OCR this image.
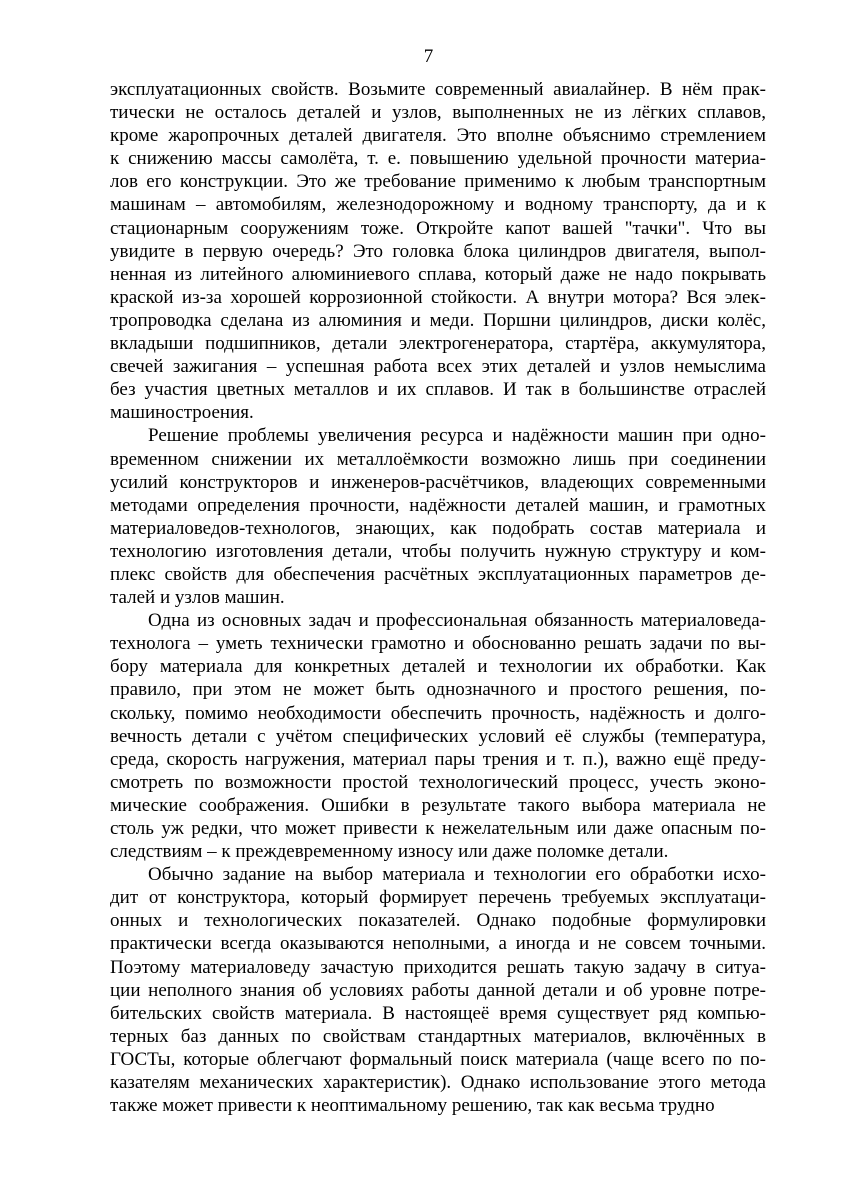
7
эксплуатационных свойств. Возьмите современный авиалайнер. В нём прак-
тически не осталось деталей и узлов, выполненных не из лёгких сплавов,
кроме жаропрочных деталей двигателя. Это вполне объяснимо стремлением
к снижению массы самолёта, т. е. повышению удельной прочности материа-
лов его конструкции. Это же требование применимо к любым транспортным
машинам – автомобилям, железнодорожному и водному транспорту, да и к
стационарным сооружениям тоже. Откройте капот вашей "тачки". Что вы
увидите в первую очередь? Это головка блока цилиндров двигателя, выпол-
ненная из литейного алюминиевого сплава, который даже не надо покрывать
краской из-за хорошей коррозионной стойкости. А внутри мотора? Вся элек-
тропроводка сделана из алюминия и меди. Поршни цилиндров, диски колёс,
вкладыши подшипников, детали электрогенератора, стартёра, аккумулятора,
свечей зажигания – успешная работа всех этих деталей и узлов немыслима
без участия цветных металлов и их сплавов. И так в большинстве отраслей
машиностроения.
Решение проблемы увеличения ресурса и надёжности машин при одно-
временном снижении их металлоёмкости возможно лишь при соединении
усилий конструкторов и инженеров-расчётчиков, владеющих современными
методами определения прочности, надёжности деталей машин, и грамотных
материаловедов-технологов, знающих, как подобрать состав материала и
технологию изготовления детали, чтобы получить нужную структуру и ком-
плекс свойств для обеспечения расчётных эксплуатационных параметров де-
талей и узлов машин.
Одна из основных задач и профессиональная обязанность материаловеда-
технолога – уметь технически грамотно и обоснованно решать задачи по вы-
бору материала для конкретных деталей и технологии их обработки. Как
правило, при этом не может быть однозначного и простого решения, по-
скольку, помимо необходимости обеспечить прочность, надёжность и долго-
вечность детали с учётом специфических условий её службы (температура,
среда, скорость нагружения, материал пары трения и т. п.), важно ещё преду-
смотреть по возможности простой технологический процесс, учесть эконо-
мические соображения. Ошибки в результате такого выбора материала не
столь уж редки, что может привести к нежелательным или даже опасным по-
следствиям – к преждевременному износу или даже поломке детали.
Обычно задание на выбор материала и технологии его обработки исхо-
дит от конструктора, который формирует перечень требуемых эксплуатаци-
онных и технологических показателей. Однако подобные формулировки
практически всегда оказываются неполными, а иногда и не совсем точными.
Поэтому материаловеду зачастую приходится решать такую задачу в ситуа-
ции неполного знания об условиях работы данной детали и об уровне потре-
бительских свойств материала. В настоящеё время существует ряд компью-
терных баз данных по свойствам стандартных материалов, включённых в
ГОСТы, которые облегчают формальный поиск материала (чаще всего по по-
казателям механических характеристик). Однако использование этого метода
также может привести к неоптимальному решению, так как весьма трудно
